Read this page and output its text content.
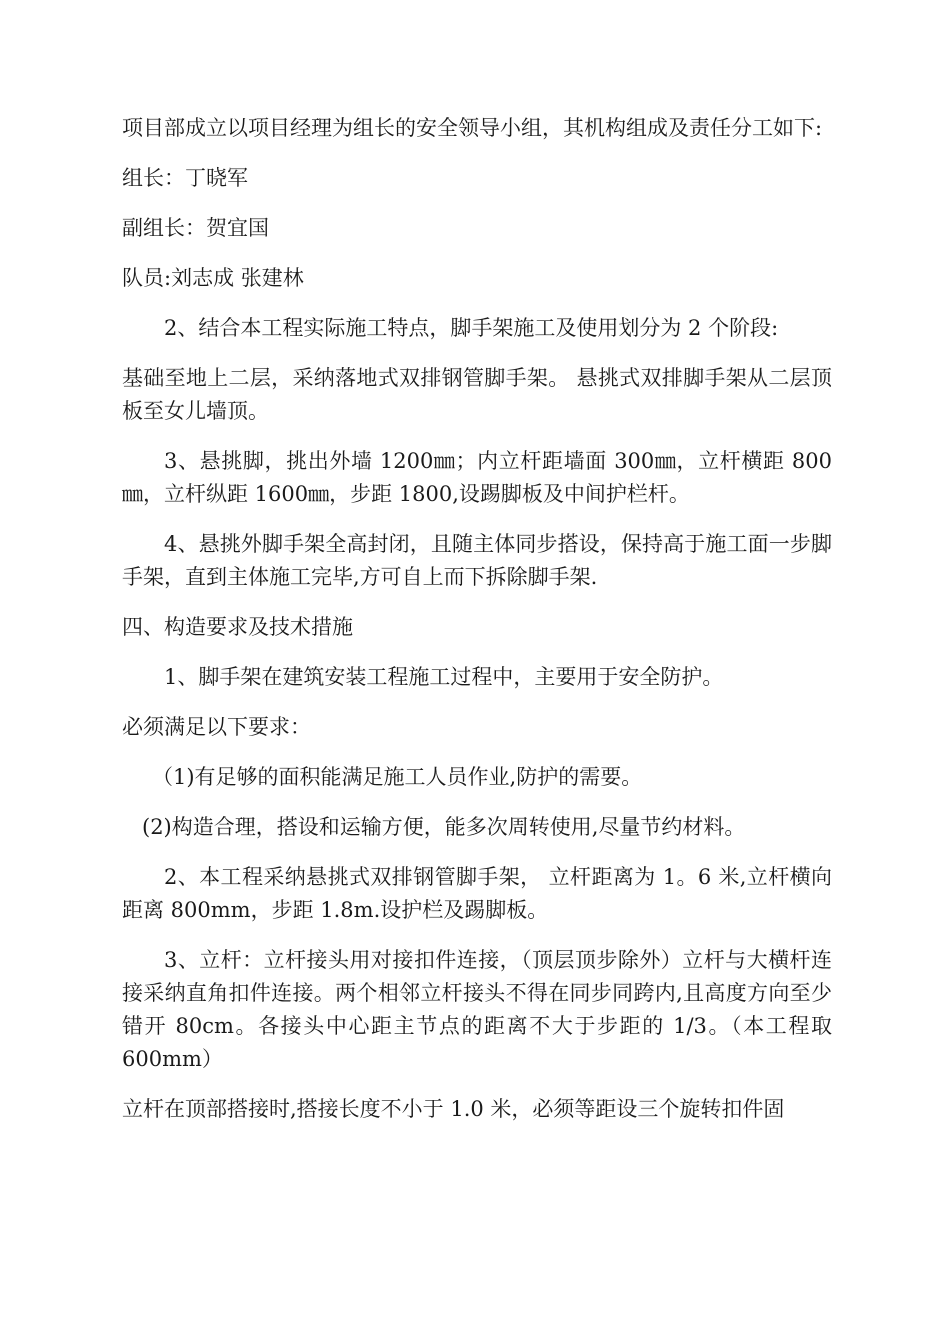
项目部成立以项目经理为组长的安全领导小组，其机构组成及责任分工如下:

组长：丁晓军

副组长：贺宜国

队员:刘志成 张建林

2、结合本工程实际施工特点，脚手架施工及使用划分为 2 个阶段:

基础至地上二层，采纳落地式双排钢管脚手架。 悬挑式双排脚手架从二层顶板至女儿墙顶。

3、悬挑脚，挑出外墙 1200㎜；内立杆距墙面 300㎜，立杆横距 800㎜，立杆纵距 1600㎜，步距 1800,设踢脚板及中间护栏杆。

4、悬挑外脚手架全高封闭，且随主体同步搭设，保持高于施工面一步脚手架，直到主体施工完毕,方可自上而下拆除脚手架.

四、构造要求及技术措施

1、脚手架在建筑安装工程施工过程中，主要用于安全防护。

必须满足以下要求：

（1)有足够的面积能满足施工人员作业,防护的需要。

(2)构造合理，搭设和运输方便，能多次周转使用,尽量节约材料。

2、本工程采纳悬挑式双排钢管脚手架， 立杆距离为 1。6 米,立杆横向距离 800mm，步距 1.8m.设护栏及踢脚板。

3、立杆：立杆接头用对接扣件连接，（顶层顶步除外）立杆与大横杆连接采纳直角扣件连接。两个相邻立杆接头不得在同步同跨内,且高度方向至少错开 80cm。各接头中心距主节点的距离不大于步距的 1/3。（本工程取 600mm）

立杆在顶部搭接时,搭接长度不小于 1.0 米，必须等距设三个旋转扣件固
